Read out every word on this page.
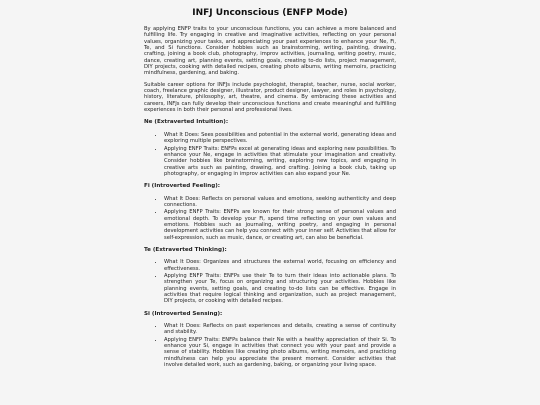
INFJ Unconscious (ENFP Mode)

By applying ENFP traits to your unconscious functions, you can achieve a more balanced and fulfilling life. Try engaging in creative and imaginative activities, reflecting on your personal values, organizing your tasks, and appreciating your past experiences to enhance your Ne, Fi, Te, and Si functions. Consider hobbies such as brainstorming, writing, painting, drawing, crafting, joining a book club, photography, improv activities, journaling, writing poetry, music, dance, creating art, planning events, setting goals, creating to-do lists, project management, DIY projects, cooking with detailed recipes, creating photo albums, writing memoirs, practicing mindfulness, gardening, and baking.

Suitable career options for INFJs include psychologist, therapist, teacher, nurse, social worker, coach, freelance graphic designer, illustrator, product designer, lawyer, and roles in psychology, history, literature, philosophy, art, theatre, and cinema. By embracing these activities and careers, INFJs can fully develop their unconscious functions and create meaningful and fulfilling experiences in both their personal and professional lives.

Ne (Extraverted Intuition):
• What It Does: Sees possibilities and potential in the external world, generating ideas and exploring multiple perspectives.
• Applying ENFP Traits: ENFPs excel at generating ideas and exploring new possibilities. To enhance your Ne, engage in activities that stimulate your imagination and creativity. Consider hobbies like brainstorming, writing, exploring new topics, and engaging in creative arts such as painting, drawing, and crafting. Joining a book club, taking up photography, or engaging in improv activities can also expand your Ne.
Fi (Introverted Feeling):
• What It Does: Reflects on personal values and emotions, seeking authenticity and deep connections.
• Applying ENFP Traits: ENFPs are known for their strong sense of personal values and emotional depth. To develop your Fi, spend time reflecting on your own values and emotions. Hobbies such as journaling, writing poetry, and engaging in personal development activities can help you connect with your inner self. Activities that allow for self-expression, such as music, dance, or creating art, can also be beneficial.
Te (Extraverted Thinking):
• What It Does: Organizes and structures the external world, focusing on efficiency and effectiveness.
• Applying ENFP Traits: ENFPs use their Te to turn their ideas into actionable plans. To strengthen your Te, focus on organizing and structuring your activities. Hobbies like planning events, setting goals, and creating to-do lists can be effective. Engage in activities that require logical thinking and organization, such as project management, DIY projects, or cooking with detailed recipes.
Si (Introverted Sensing):
• What It Does: Reflects on past experiences and details, creating a sense of continuity and stability.
• Applying ENFP Traits: ENFPs balance their Ne with a healthy appreciation of their Si. To enhance your Si, engage in activities that connect you with your past and provide a sense of stability. Hobbies like creating photo albums, writing memoirs, and practicing mindfulness can help you appreciate the present moment. Consider activities that involve detailed work, such as gardening, baking, or organizing your living space.
